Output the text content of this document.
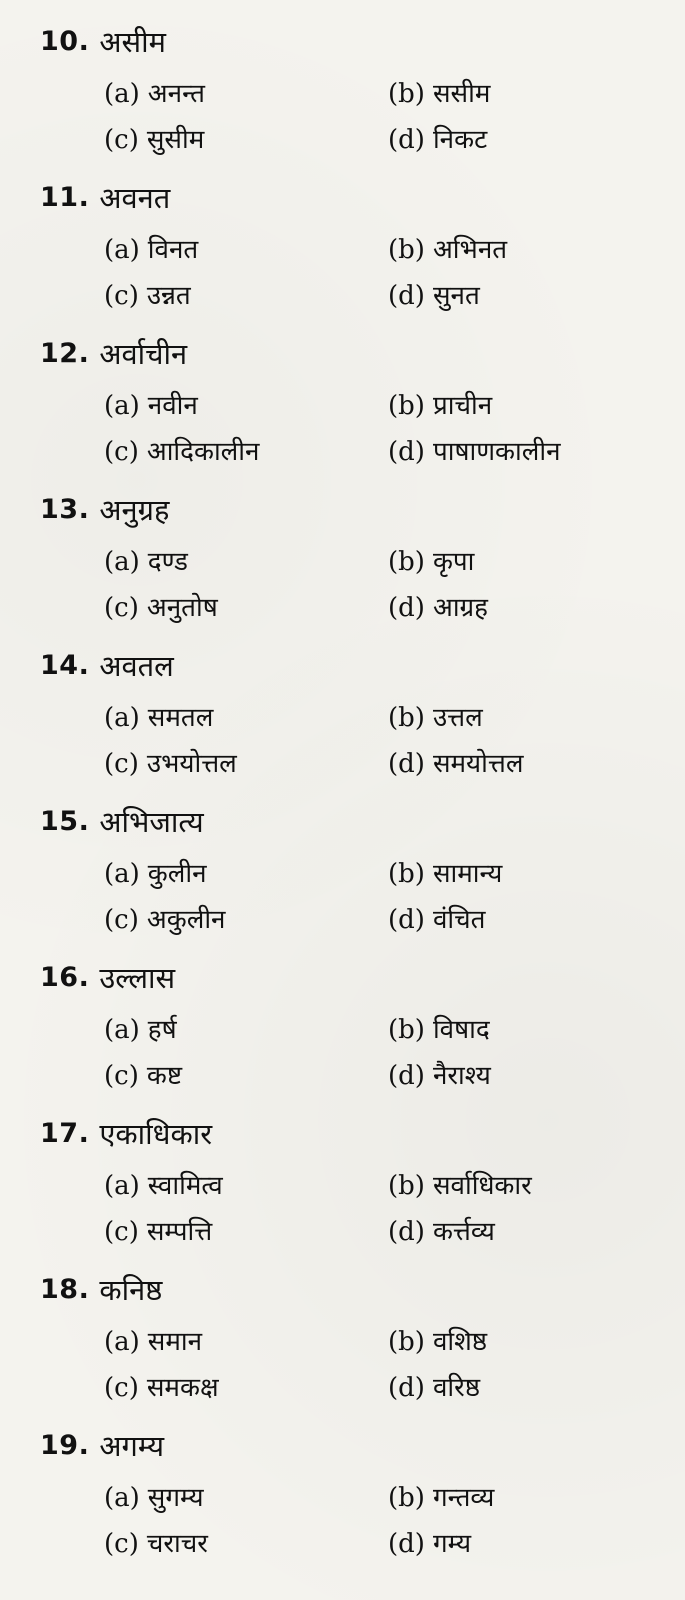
10. असीम
(a) अनन्त	(b) ससीम
(c) सुसीम	(d) निकट
11. अवनत
(a) विनत	(b) अभिनत
(c) उन्नत	(d) सुनत
12. अर्वाचीन
(a) नवीन	(b) प्राचीन
(c) आदिकालीन	(d) पाषाणकालीन
13. अनुग्रह
(a) दण्ड	(b) कृपा
(c) अनुतोष	(d) आग्रह
14. अवतल
(a) समतल	(b) उत्तल
(c) उभयोत्तल	(d) समयोत्तल
15. अभिजात्य
(a) कुलीन	(b) सामान्य
(c) अकुलीन	(d) वंचित
16. उल्लास
(a) हर्ष	(b) विषाद
(c) कष्ट	(d) नैराश्य
17. एकाधिकार
(a) स्वामित्व	(b) सर्वाधिकार
(c) सम्पत्ति	(d) कर्त्तव्य
18. कनिष्ठ
(a) समान	(b) वशिष्ठ
(c) समकक्ष	(d) वरिष्ठ
19. अगम्य
(a) सुगम्य	(b) गन्तव्य
(c) चराचर	(d) गम्य
